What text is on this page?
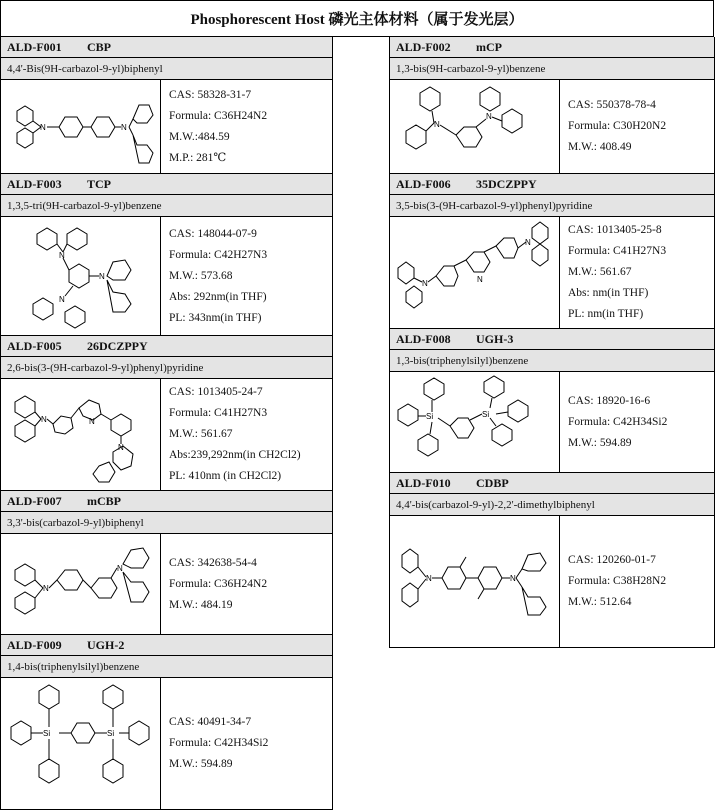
Phosphorescent Host 磷光主体材料（属于发光层）
ALD-F001	CBP
4,4'-Bis(9H-carbazol-9-yl)biphenyl
N	N
CAS: 58328-31-7
Formula: C36H24N2
M.W.:484.59
M.P.: 281℃
ALD-F003	TCP
1,3,5-tri(9H-carbazol-9-yl)benzene
N
N
N
CAS: 148044-07-9
Formula: C42H27N3
M.W.: 573.68
Abs: 292nm(in THF)
PL: 343nm(in THF)
ALD-F005	26DCZPPY
2,6-bis(3-(9H-carbazol-9-yl)phenyl)pyridine
N	N
N
CAS: 1013405-24-7
Formula: C41H27N3
M.W.: 561.67
Abs:239,292nm(in CH2Cl2)
PL: 410nm (in CH2Cl2)
ALD-F007	mCBP
3,3'-bis(carbazol-9-yl)biphenyl
N
N	CAS: 342638-54-4
Formula: C36H24N2
M.W.: 484.19
ALD-F009	UGH-2
1,4-bis(triphenylsilyl)benzene
Si	Si
CAS: 40491-34-7
Formula: C42H34Si2
M.W.: 594.89
ALD-F002	mCP
1,3-bis(9H-carbazol-9-yl)benzene
N
N
CAS: 550378-78-4
Formula: C30H20N2
M.W.: 408.49
ALD-F006	35DCZPPY
3,5-bis(3-(9H-carbazol-9-yl)phenyl)pyridine
N	N
N
CAS: 1013405-25-8
Formula: C41H27N3
M.W.: 561.67
Abs: nm(in THF)
PL: nm(in THF)
ALD-F008	UGH-3
1,3-bis(triphenylsilyl)benzene
Si	Si
CAS: 18920-16-6
Formula: C42H34Si2
M.W.: 594.89
ALD-F010	CDBP
4,4'-bis(carbazol-9-yl)-2,2'-dimethylbiphenyl
N	N
CAS: 120260-01-7
Formula: C38H28N2
M.W.: 512.64
